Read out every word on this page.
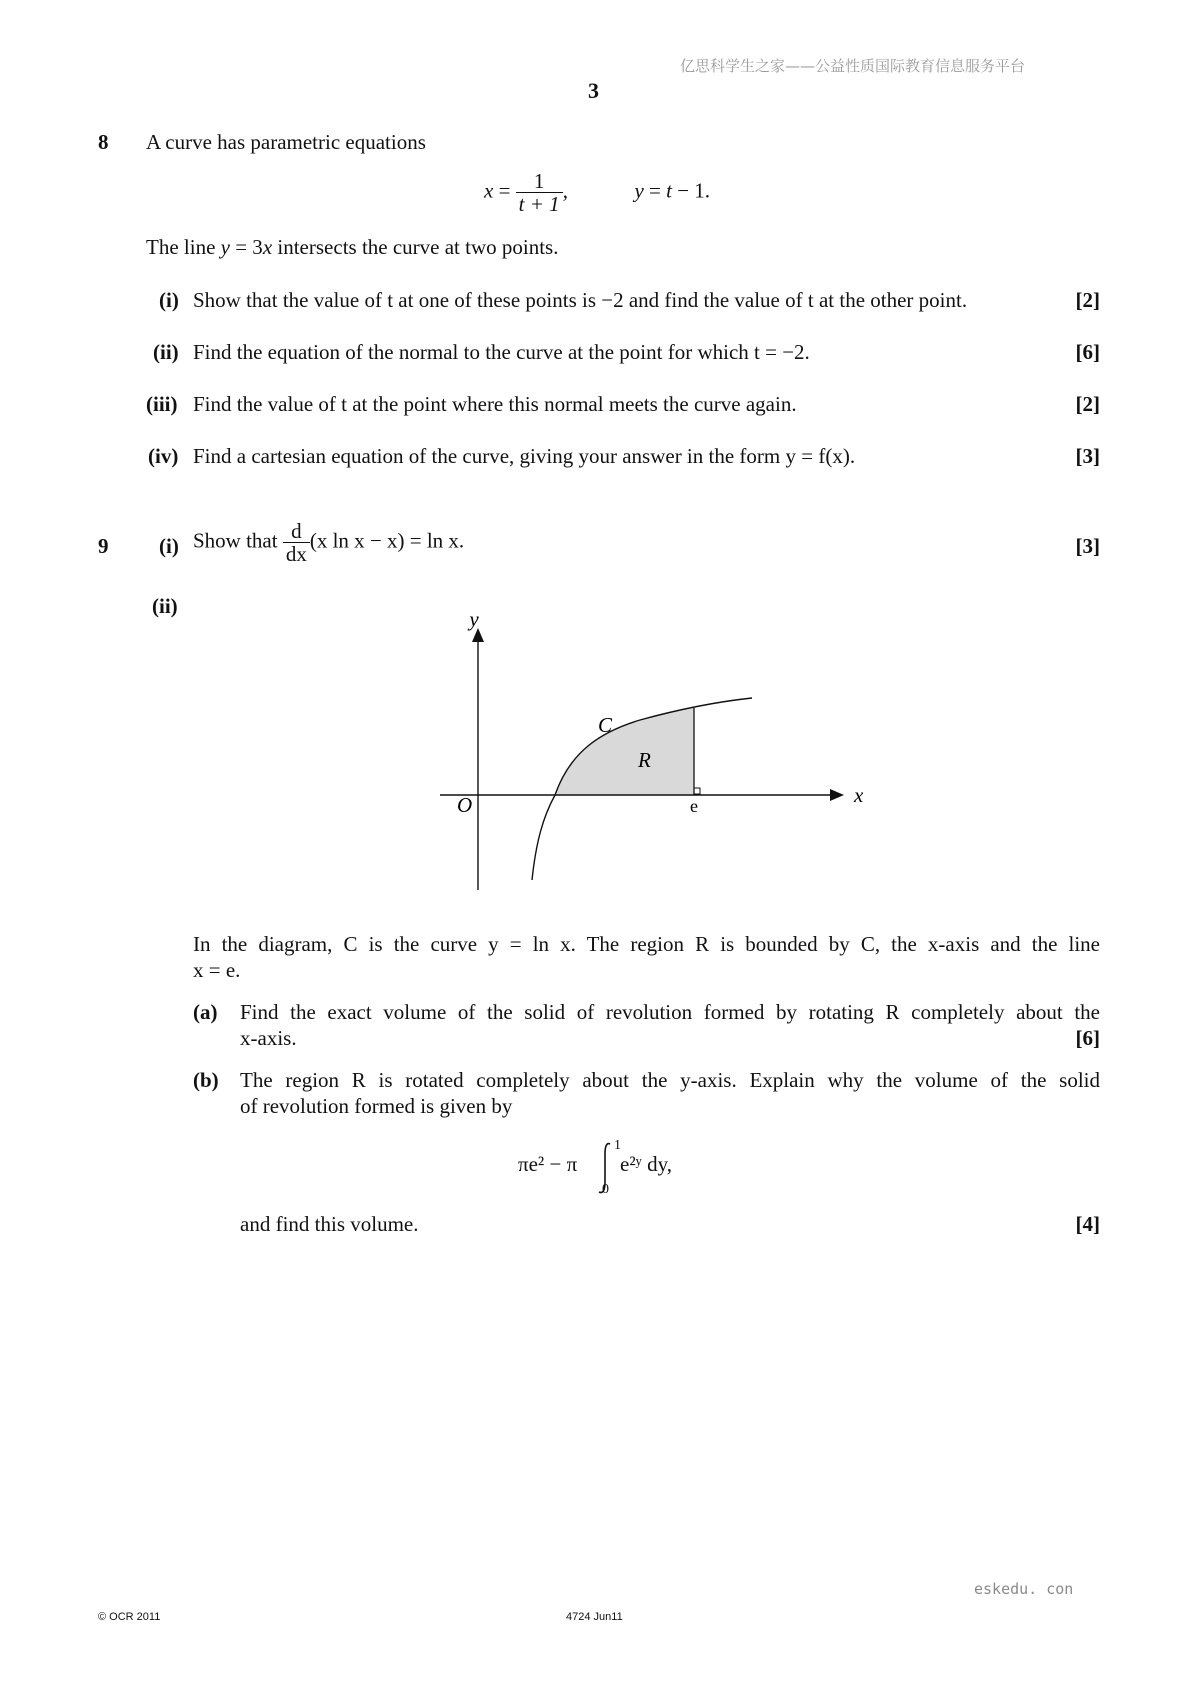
亿思科学生之家——公益性质国际教育信息服务平台
3
8 A curve has parametric equations
$x = \frac{1}{t + 1}$ ,	y = t − 1.
The line y = 3x intersects the curve at two points.
(i) Show that the value of t at one of these points is −2 and find the value of t at the other point.	[2]
(ii) Find the equation of the normal to the curve at the point for which t = −2.	[6]
(iii) Find the value of t at the point where this normal meets the curve again.	[2]
(iv) Find a cartesian equation of the curve, giving your answer in the form y = f(x).	[3]
9 (i) Show that $\frac{d}{dx} (x$ ln x − x) = ln x.	[3]
(ii)
y
x
O
C
R
e
In the diagram, C is the curve y = ln x. The region R is bounded by C, the x-axis and the line
x = e.
(a) Find the exact volume of the solid of revolution formed by rotating R completely about the
x-axis.	[6]
(b) The region R is rotated completely about the y-axis. Explain why the volume of the solid
of revolution formed is given by
πe² − π
1
0
e²ʸ dy,
and find this volume.	[4]
eskedu. con
© OCR 2011	4724 Jun11
